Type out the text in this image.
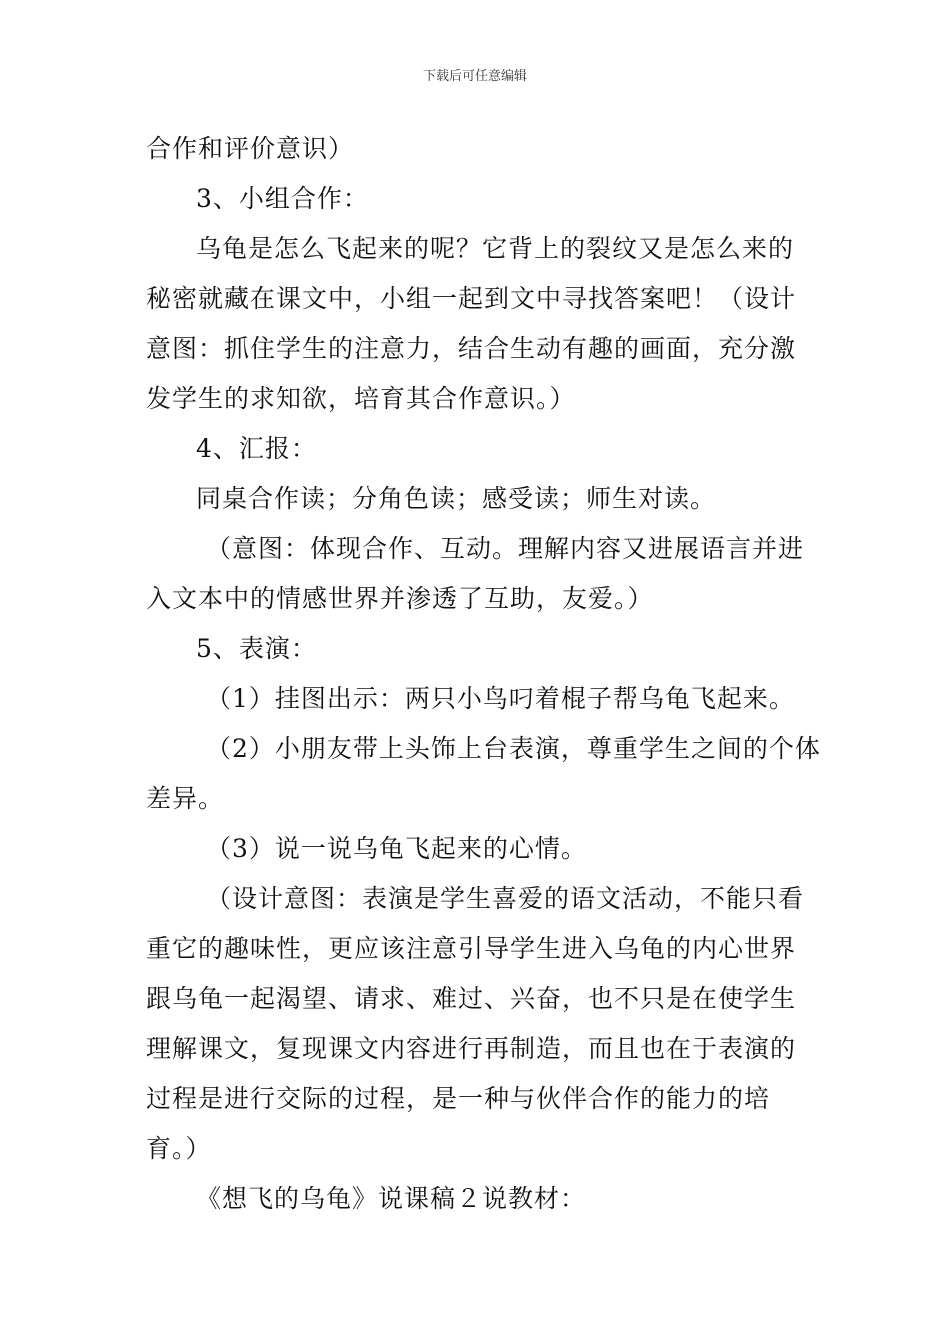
下载后可任意编辑
合作和评价意识）
3、小组合作：
乌龟是怎么飞起来的呢？它背上的裂纹又是怎么来的
秘密就藏在课文中，小组一起到文中寻找答案吧！（设计
意图：抓住学生的注意力，结合生动有趣的画面，充分激
发学生的求知欲，培育其合作意识。）
4、汇报：
同桌合作读；分角色读；感受读；师生对读。
（意图：体现合作、互动。理解内容又进展语言并进
入文本中的情感世界并渗透了互助，友爱。）
5、表演：
（1）挂图出示：两只小鸟叼着棍子帮乌龟飞起来。
（2）小朋友带上头饰上台表演，尊重学生之间的个体
差异。
（3）说一说乌龟飞起来的心情。
（设计意图：表演是学生喜爱的语文活动，不能只看
重它的趣味性，更应该注意引导学生进入乌龟的内心世界
跟乌龟一起渴望、请求、难过、兴奋，也不只是在使学生
理解课文，复现课文内容进行再制造，而且也在于表演的
过程是进行交际的过程，是一种与伙伴合作的能力的培
育。）
《想飞的乌龟》说课稿２说教材：
